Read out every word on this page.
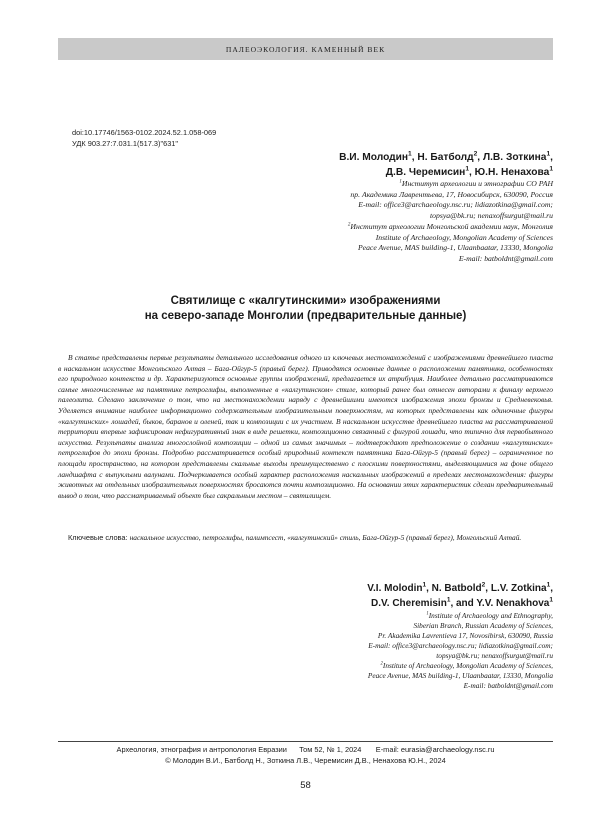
ПАЛЕОЭКОЛОГИЯ. КАМЕННЫЙ ВЕК
doi:10.17746/1563-0102.2024.52.1.058-069
УДК 903.27:7.031.1(517.3)"631"
В.И. Молодин$^1$, Н. Батболд$^2$, Л.В. Зоткина$^1$,
Д.В. Черемисин$^1$, Ю.Н. Ненахова$^1$
$^1$Институт археологии и этнографии СО РАН
пр. Академика Лаврентьева, 17, Новосибирск, 630090, Россия
E-mail: office3@archaeology.nsc.ru; lidiazotkina@gmail.com;
topsya@bk.ru; nenaxoffsurgut@mail.ru
$^2$Институт археологии Монгольской академии наук, Монголия
Institute of Archaeology, Mongolian Academy of Sciences
Peace Avenue, MAS building-1, Ulaanbaatar, 13330, Mongolia
E-mail: batboldnt@gmail.com
Святилище с «калгутинскими» изображениями
на северо-западе Монголии (предварительные данные)
В статье представлены первые результаты детального исследования одного из ключевых местонахождений с изображениями древнейшего пласта в наскальном искусстве Монгольского Алтая – Бага-Ойгур-5 (правый берег). Приводятся основные данные о расположении памятника, особенностях его природного контекста и др. Характеризуются основные группы изображений, предлагается их атрибуция. Наиболее детально рассматриваются самые многочисленные на памятнике петроглифы, выполненные в «калгутинском» стиле, который ранее был отнесен авторами к финалу верхнего палеолита. Сделано заключение о том, что на местонахождении наряду с древнейшими имеются изображения эпохи бронзы и Средневековья. Уделяется внимание наиболее информационно содержательным изобразительным поверхностям, на которых представлены как одиночные фигуры «калгутинских» лошадей, быков, баранов и оленей, так и композиции с их участием. В наскальном искусстве древнейшего пласта на рассматриваемой территории впервые зафиксирован нефигуративный знак в виде решетки, композиционно связанный с фигурой лошади, что типично для первобытного искусства. Результаты анализа многослойной композиции – одной из самых значимых – подтверждают предположение о создании «калгутинских» петроглифов до эпохи бронзы. Подробно рассматривается особый природный контекст памятника Бага-Ойгур-5 (правый берег) – ограниченное по площади пространство, на котором представлены скальные выходы преимущественно с плоскими поверхностями, выделяющимися на фоне общего ландшафта с выпуклыми валунами. Подчеркивается особый характер расположения наскальных изображений в пределах местонахождения: фигуры животных на отдельных изобразительных поверхностях бросаются почти композиционно. На основании этих характеристик сделан предварительный вывод о том, что рассматриваемый объект был сакральным местом – святилищем.
Ключевые слова: наскальное искусство, петроглифы, палимпсест, «калгутинский» стиль, Бага-Ойгур-5 (правый берег), Монгольский Алтай.
V.I. Molodin$^1$, N. Batbold$^2$, L.V. Zotkina$^1$,
D.V. Cheremisin$^1$, and Y.V. Nenakhova$^1$
$^1$Institute of Archaeology and Ethnography,
Siberian Branch, Russian Academy of Sciences,
Pr. Akademika Lavrentieva 17, Novosibirsk, 630090, Russia
E-mail: office3@archaeology.nsc.ru; lidiazotkina@gmail.com;
topsya@bk.ru; nenaxoffsurgut@mail.ru
$^2$Institute of Archaeology, Mongolian Academy of Sciences,
Peace Avenue, MAS building-1, Ulaanbaatar, 13330, Mongolia
E-mail: batboldnt@gmail.com
Археология, этнография и антропология Евразии Том 52, № 1, 2024 E-mail: eurasia@archaeology.nsc.ru
© Молодин В.И., Батболд Н., Зоткина Л.В., Черемисин Д.В., Ненахова Ю.Н., 2024
58
